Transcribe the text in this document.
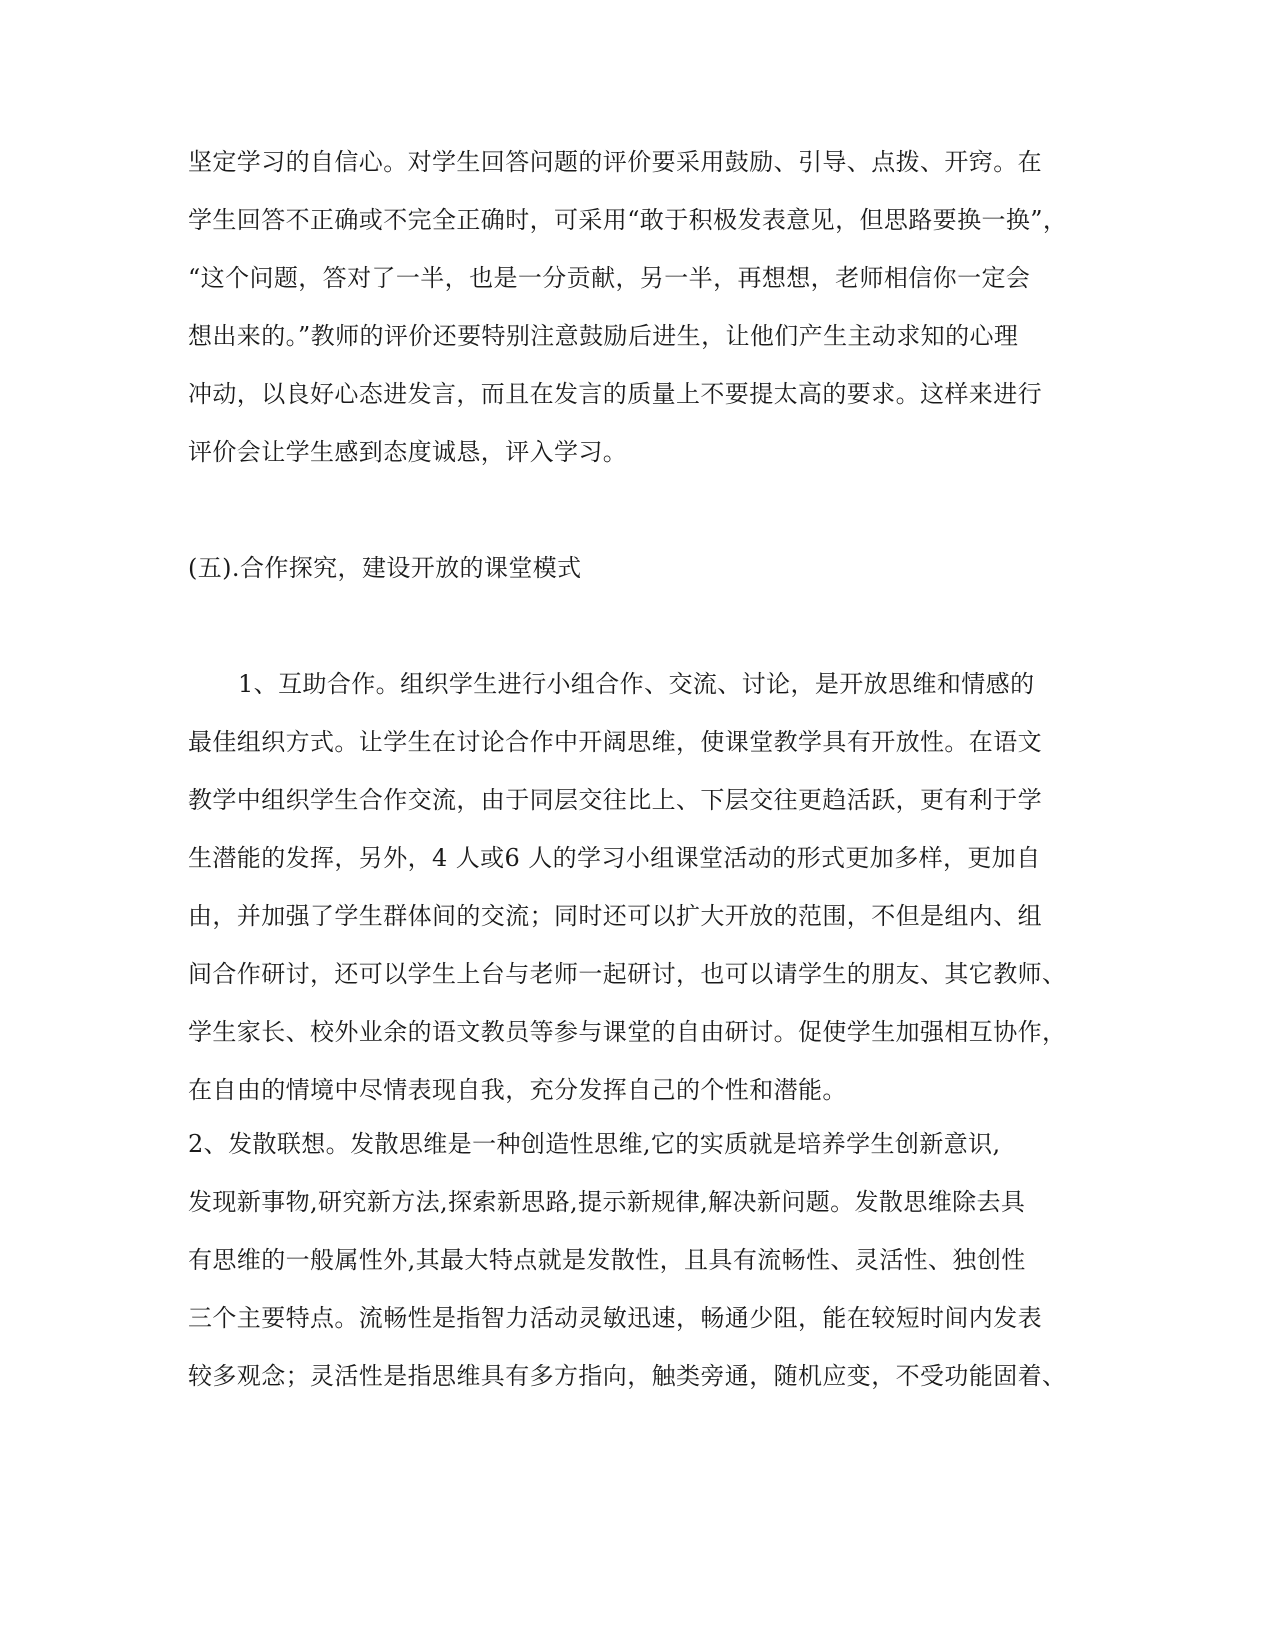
坚定学习的自信心。对学生回答问题的评价要采用鼓励、引导、点拨、开窍。在
学生回答不正确或不完全正确时，可采用“敢于积极发表意见，但思路要换一换”，
“这个问题，答对了一半，也是一分贡献，另一半，再想想，老师相信你一定会
想出来的。”教师的评价还要特别注意鼓励后进生，让他们产生主动求知的心理
冲动，以良好心态进发言，而且在发言的质量上不要提太高的要求。这样来进行
评价会让学生感到态度诚恳，评入学习。
(五).合作探究，建设开放的课堂模式
1、互助合作。组织学生进行小组合作、交流、讨论，是开放思维和情感的
最佳组织方式。让学生在讨论合作中开阔思维，使课堂教学具有开放性。在语文
教学中组织学生合作交流，由于同层交往比上、下层交往更趋活跃，更有利于学
生潜能的发挥，另外，4 人或6 人的学习小组课堂活动的形式更加多样，更加自
由，并加强了学生群体间的交流；同时还可以扩大开放的范围，不但是组内、组
间合作研讨，还可以学生上台与老师一起研讨，也可以请学生的朋友、其它教师、
学生家长、校外业余的语文教员等参与课堂的自由研讨。促使学生加强相互协作，
在自由的情境中尽情表现自我，充分发挥自己的个性和潜能。
2、发散联想。发散思维是一种创造性思维,它的实质就是培养学生创新意识,
发现新事物,研究新方法,探索新思路,提示新规律,解决新问题。发散思维除去具
有思维的一般属性外,其最大特点就是发散性，且具有流畅性、灵活性、独创性
三个主要特点。流畅性是指智力活动灵敏迅速，畅通少阻，能在较短时间内发表
较多观念；灵活性是指思维具有多方指向，触类旁通，随机应变，不受功能固着、
